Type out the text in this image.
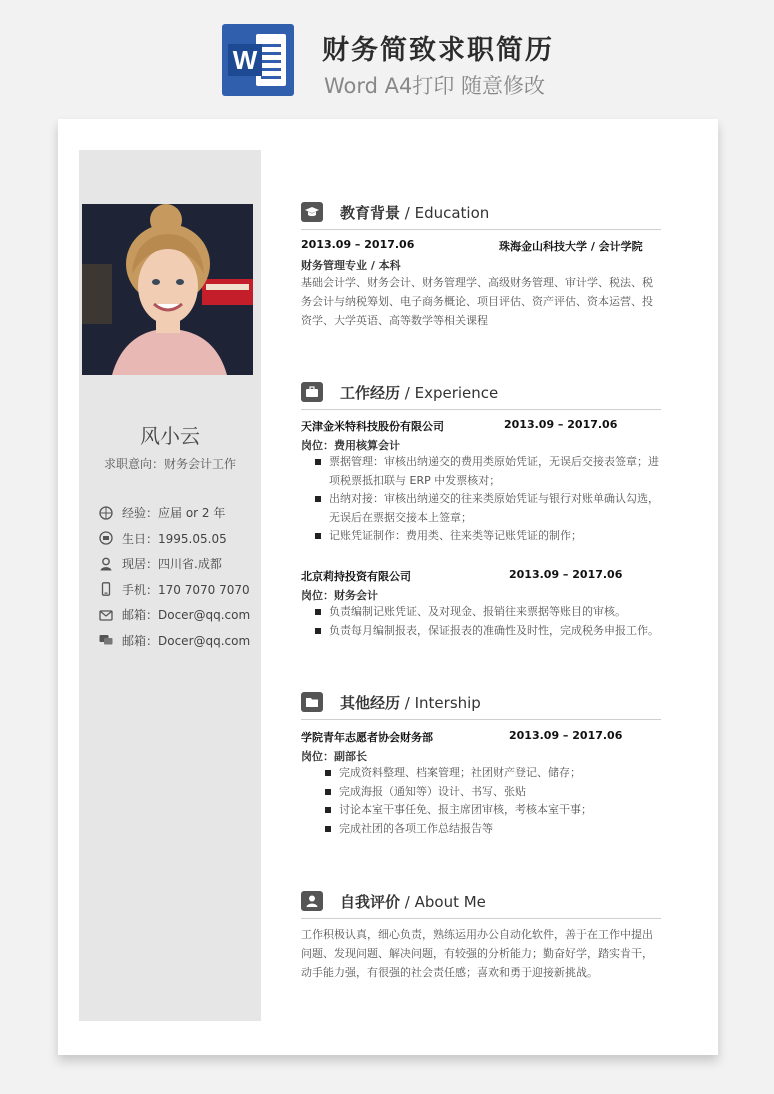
W 财务简致求职简历
Word A4打印 随意修改
风小云
求职意向：财务会计工作
经验：应届 or 2 年
生日：1995.05.05
现居：四川省.成都
手机：170 7070 7070
邮箱：Docer@qq.com
邮箱：Docer@qq.com
教育背景 / Education
2013.09 – 2017.06	珠海金山科技大学 / 会计学院
财务管理专业 / 本科
基础会计学、财务会计、财务管理学、高级财务管理、审计学、税法、税务会计与纳税筹划、电子商务概论、项目评估、资产评估、资本运营、投资学、大学英语、高等数学等相关课程
工作经历 / Experience
天津金米特科技股份有限公司	2013.09 – 2017.06
岗位：费用核算会计
票据管理：审核出纳递交的费用类原始凭证，无误后交接表签章；进项税票抵扣联与 ERP 中发票核对；
出纳对接：审核出纳递交的往来类原始凭证与银行对账单确认勾选，无误后在票据交接本上签章；
记账凭证制作：费用类、往来类等记账凭证的制作；
北京莉持投资有限公司	2013.09 – 2017.06
岗位：财务会计
负责编制记账凭证、及对现金、报销往来票据等账目的审核。
负责每月编制报表，保证报表的准确性及时性，完成税务申报工作。
其他经历 / Intership
学院青年志愿者协会财务部	2013.09 – 2017.06
岗位：副部长
完成资料整理、档案管理；社团财产登记、储存；
完成海报（通知等）设计、书写、张贴
讨论本室干事任免、报主席团审核，考核本室干事；
完成社团的各项工作总结报告等
自我评价 / About Me
工作积极认真，细心负责，熟练运用办公自动化软件，善于在工作中提出问题、发现问题、解决问题，有较强的分析能力；勤奋好学，踏实肯干，动手能力强，有很强的社会责任感；喜欢和勇于迎接新挑战。
